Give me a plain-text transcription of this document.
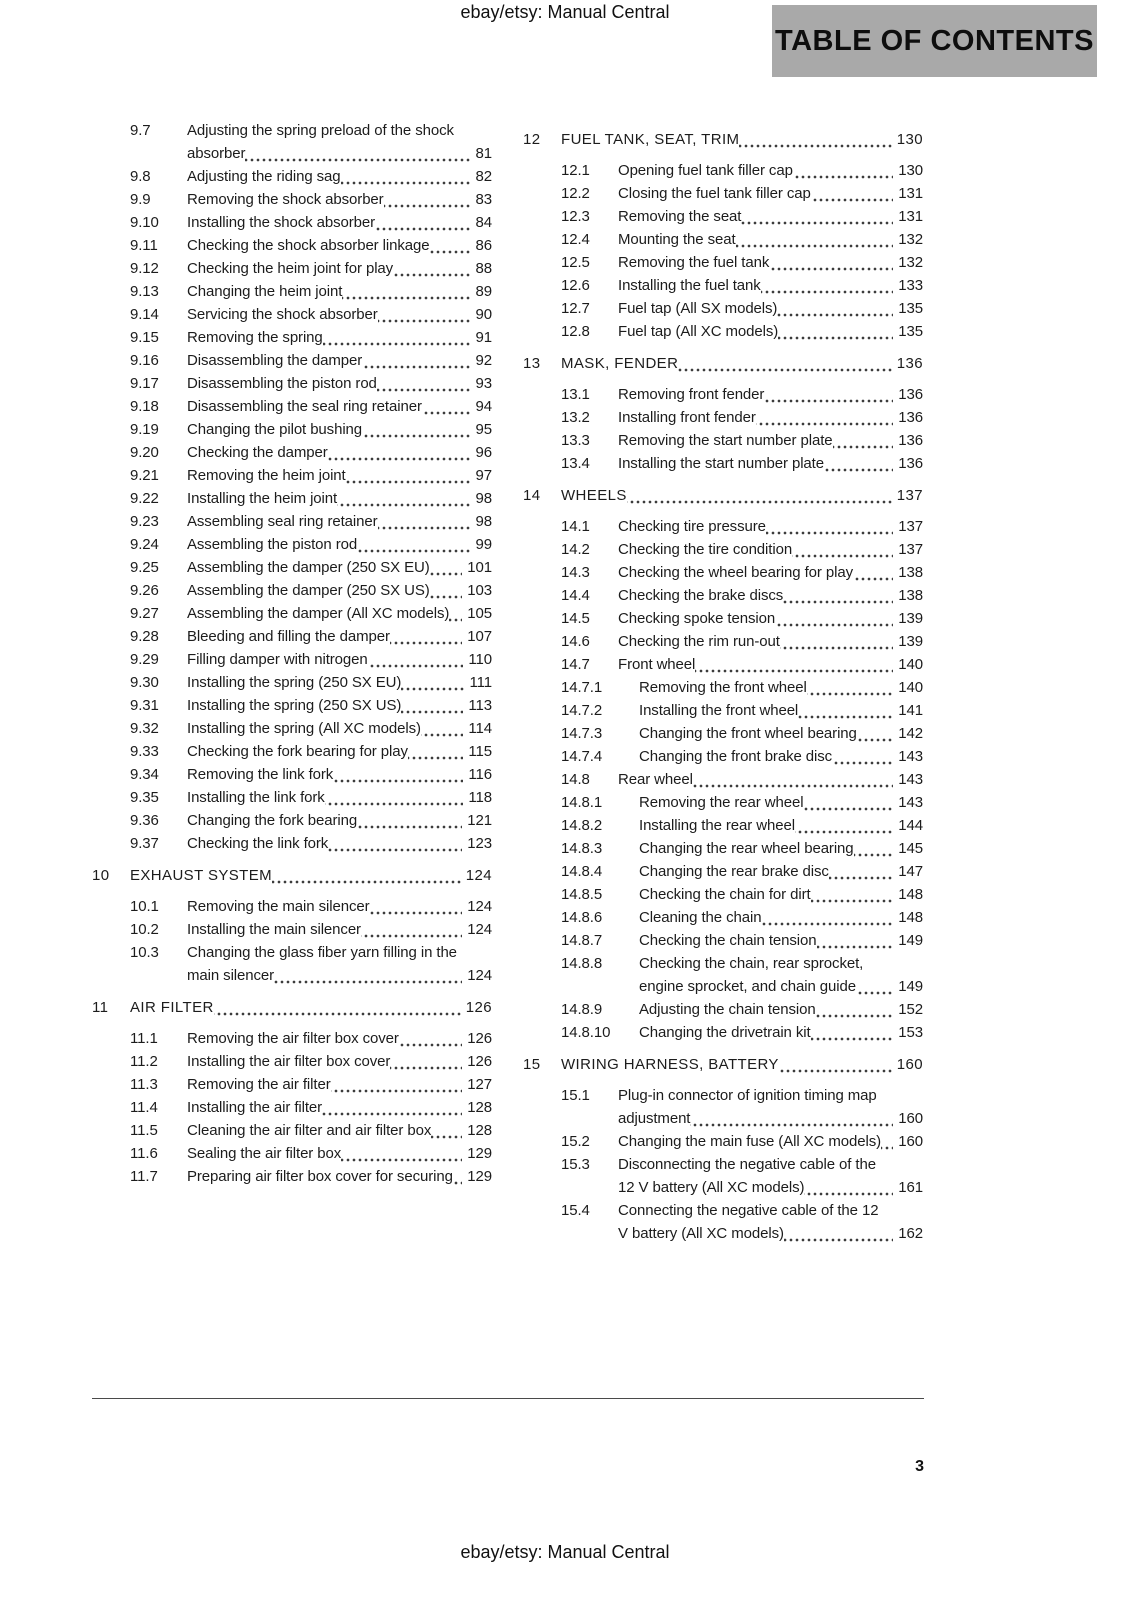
ebay/etsy: Manual Central
TABLE OF CONTENTS
9.7	Adjusting the spring preload of the shock absorber	81
9.8	Adjusting the riding sag	82
9.9	Removing the shock absorber	83
9.10	Installing the shock absorber	84
9.11	Checking the shock absorber linkage	86
9.12	Checking the heim joint for play	88
9.13	Changing the heim joint	89
9.14	Servicing the shock absorber	90
9.15	Removing the spring	91
9.16	Disassembling the damper	92
9.17	Disassembling the piston rod	93
9.18	Disassembling the seal ring retainer	94
9.19	Changing the pilot bushing	95
9.20	Checking the damper	96
9.21	Removing the heim joint	97
9.22	Installing the heim joint	98
9.23	Assembling seal ring retainer	98
9.24	Assembling the piston rod	99
9.25	Assembling the damper (250 SX EU)	101
9.26	Assembling the damper (250 SX US)	103
9.27	Assembling the damper (All XC models)	105
9.28	Bleeding and filling the damper	107
9.29	Filling damper with nitrogen	110
9.30	Installing the spring (250 SX EU)	111
9.31	Installing the spring (250 SX US)	113
9.32	Installing the spring (All XC models)	114
9.33	Checking the fork bearing for play	115
9.34	Removing the link fork	116
9.35	Installing the link fork	118
9.36	Changing the fork bearing	121
9.37	Checking the link fork	123
10	EXHAUST SYSTEM	124
10.1	Removing the main silencer	124
10.2	Installing the main silencer	124
10.3	Changing the glass fiber yarn filling in the main silencer	124
11	AIR FILTER	126
11.1	Removing the air filter box cover	126
11.2	Installing the air filter box cover	126
11.3	Removing the air filter	127
11.4	Installing the air filter	128
11.5	Cleaning the air filter and air filter box	128
11.6	Sealing the air filter box	129
11.7	Preparing air filter box cover for securing 129
12	FUEL TANK, SEAT, TRIM	130
12.1	Opening fuel tank filler cap	130
12.2	Closing the fuel tank filler cap	131
12.3	Removing the seat	131
12.4	Mounting the seat	132
12.5	Removing the fuel tank	132
12.6	Installing the fuel tank	133
12.7	Fuel tap (All SX models)	135
12.8	Fuel tap (All XC models)	135
13	MASK, FENDER	136
13.1	Removing front fender	136
13.2	Installing front fender	136
13.3	Removing the start number plate	136
13.4	Installing the start number plate	136
14	WHEELS	137
14.1	Checking tire pressure	137
14.2	Checking the tire condition	137
14.3	Checking the wheel bearing for play	138
14.4	Checking the brake discs	138
14.5	Checking spoke tension	139
14.6	Checking the rim run-out	139
14.7	Front wheel	140
14.7.1	Removing the front wheel	140
14.7.2	Installing the front wheel	141
14.7.3	Changing the front wheel bearing	142
14.7.4	Changing the front brake disc	143
14.8	Rear wheel	143
14.8.1	Removing the rear wheel	143
14.8.2	Installing the rear wheel	144
14.8.3	Changing the rear wheel bearing	145
14.8.4	Changing the rear brake disc	147
14.8.5	Checking the chain for dirt	148
14.8.6	Cleaning the chain	148
14.8.7	Checking the chain tension	149
14.8.8	Checking the chain, rear sprocket, engine sprocket, and chain guide	149
14.8.9	Adjusting the chain tension	152
14.8.10	Changing the drivetrain kit	153
15	WIRING HARNESS, BATTERY	160
15.1	Plug-in connector of ignition timing map adjustment	160
15.2	Changing the main fuse (All XC models)	160
15.3	Disconnecting the negative cable of the 12 V battery (All XC models)	161
15.4	Connecting the negative cable of the 12 V battery (All XC models)	162
3
ebay/etsy: Manual Central
